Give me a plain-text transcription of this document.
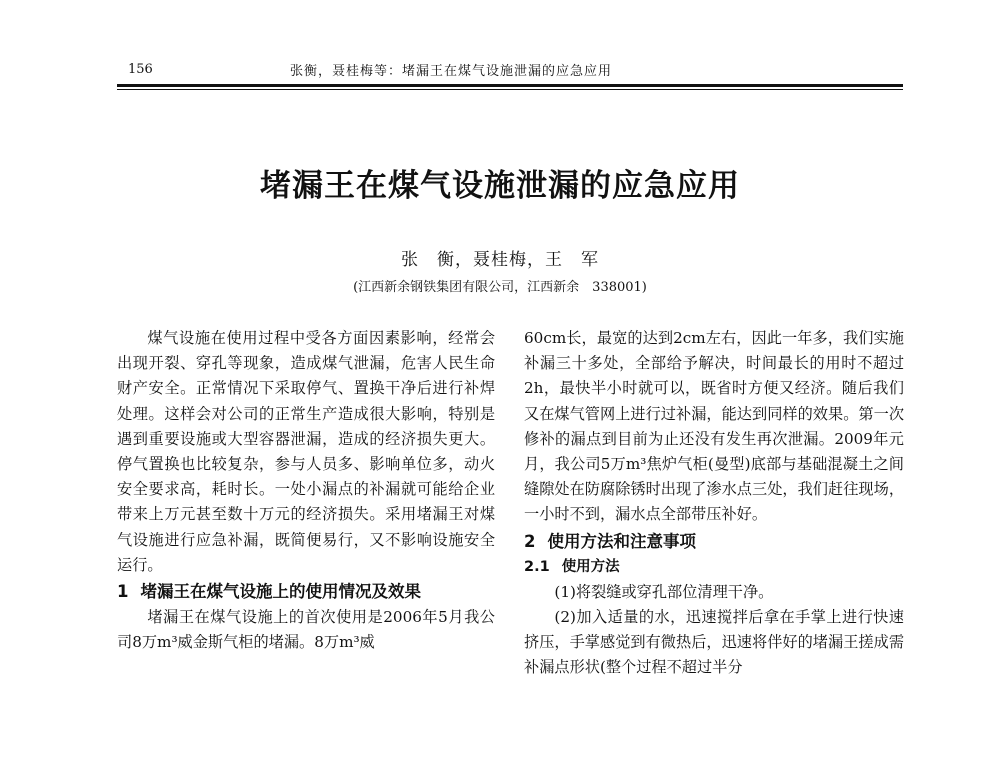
156	张衡，聂桂梅等：堵漏王在煤气设施泄漏的应急应用
堵漏王在煤气设施泄漏的应急应用
张　衡，聂桂梅，王　军
(江西新余钢铁集团有限公司，江西新余　338001)

煤气设施在使用过程中受各方面因素影响，经常会出现开裂、穿孔等现象，造成煤气泄漏，危害人民生命财产安全。正常情况下采取停气、置换干净后进行补焊处理。这样会对公司的正常生产造成很大影响，特别是遇到重要设施或大型容器泄漏，造成的经济损失更大。停气置换也比较复杂，参与人员多、影响单位多，动火安全要求高，耗时长。一处小漏点的补漏就可能给企业带来上万元甚至数十万元的经济损失。采用堵漏王对煤气设施进行应急补漏，既简便易行，又不影响设施安全运行。

1 堵漏王在煤气设施上的使用情况及效果

堵漏王在煤气设施上的首次使用是2006年5月我公司8万m³威金斯气柜的堵漏。8万m³威

60cm长，最宽的达到2cm左右，因此一年多，我们实施补漏三十多处，全部给予解决，时间最长的用时不超过2h，最快半小时就可以，既省时方便又经济。随后我们又在煤气管网上进行过补漏，能达到同样的效果。第一次修补的漏点到目前为止还没有发生再次泄漏。2009年元月，我公司5万m³焦炉气柜(曼型)底部与基础混凝土之间缝隙处在防腐除锈时出现了渗水点三处，我们赶往现场，一小时不到，漏水点全部带压补好。

2 使用方法和注意事项
2.1 使用方法

(1)将裂缝或穿孔部位清理干净。

(2)加入适量的水，迅速搅拌后拿在手掌上进行快速挤压，手掌感觉到有微热后，迅速将伴好的堵漏王搓成需补漏点形状(整个过程不超过半分
